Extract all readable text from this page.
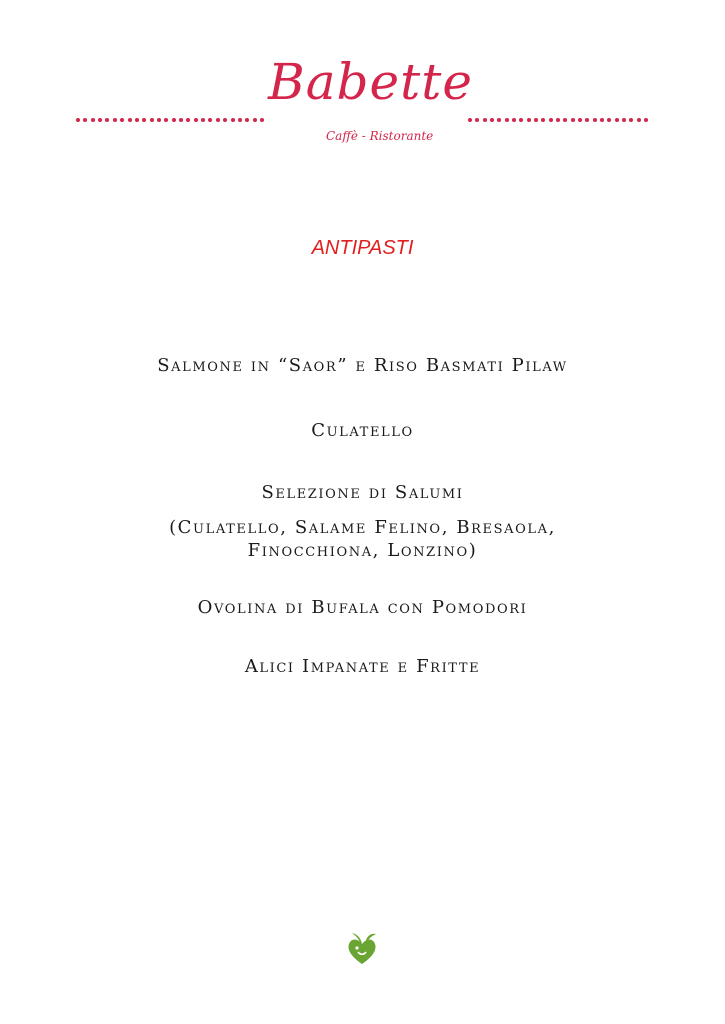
Babette
Caffè - Ristorante
ANTIPASTI
Salmone in “Saor” e Riso Basmati Pilaw
Culatello
Selezione di Salumi
(Culatello, Salame Felino, Bresaola,
Finocchiona, Lonzino)
Ovolina di Bufala con Pomodori
Alici Impanate e Fritte
